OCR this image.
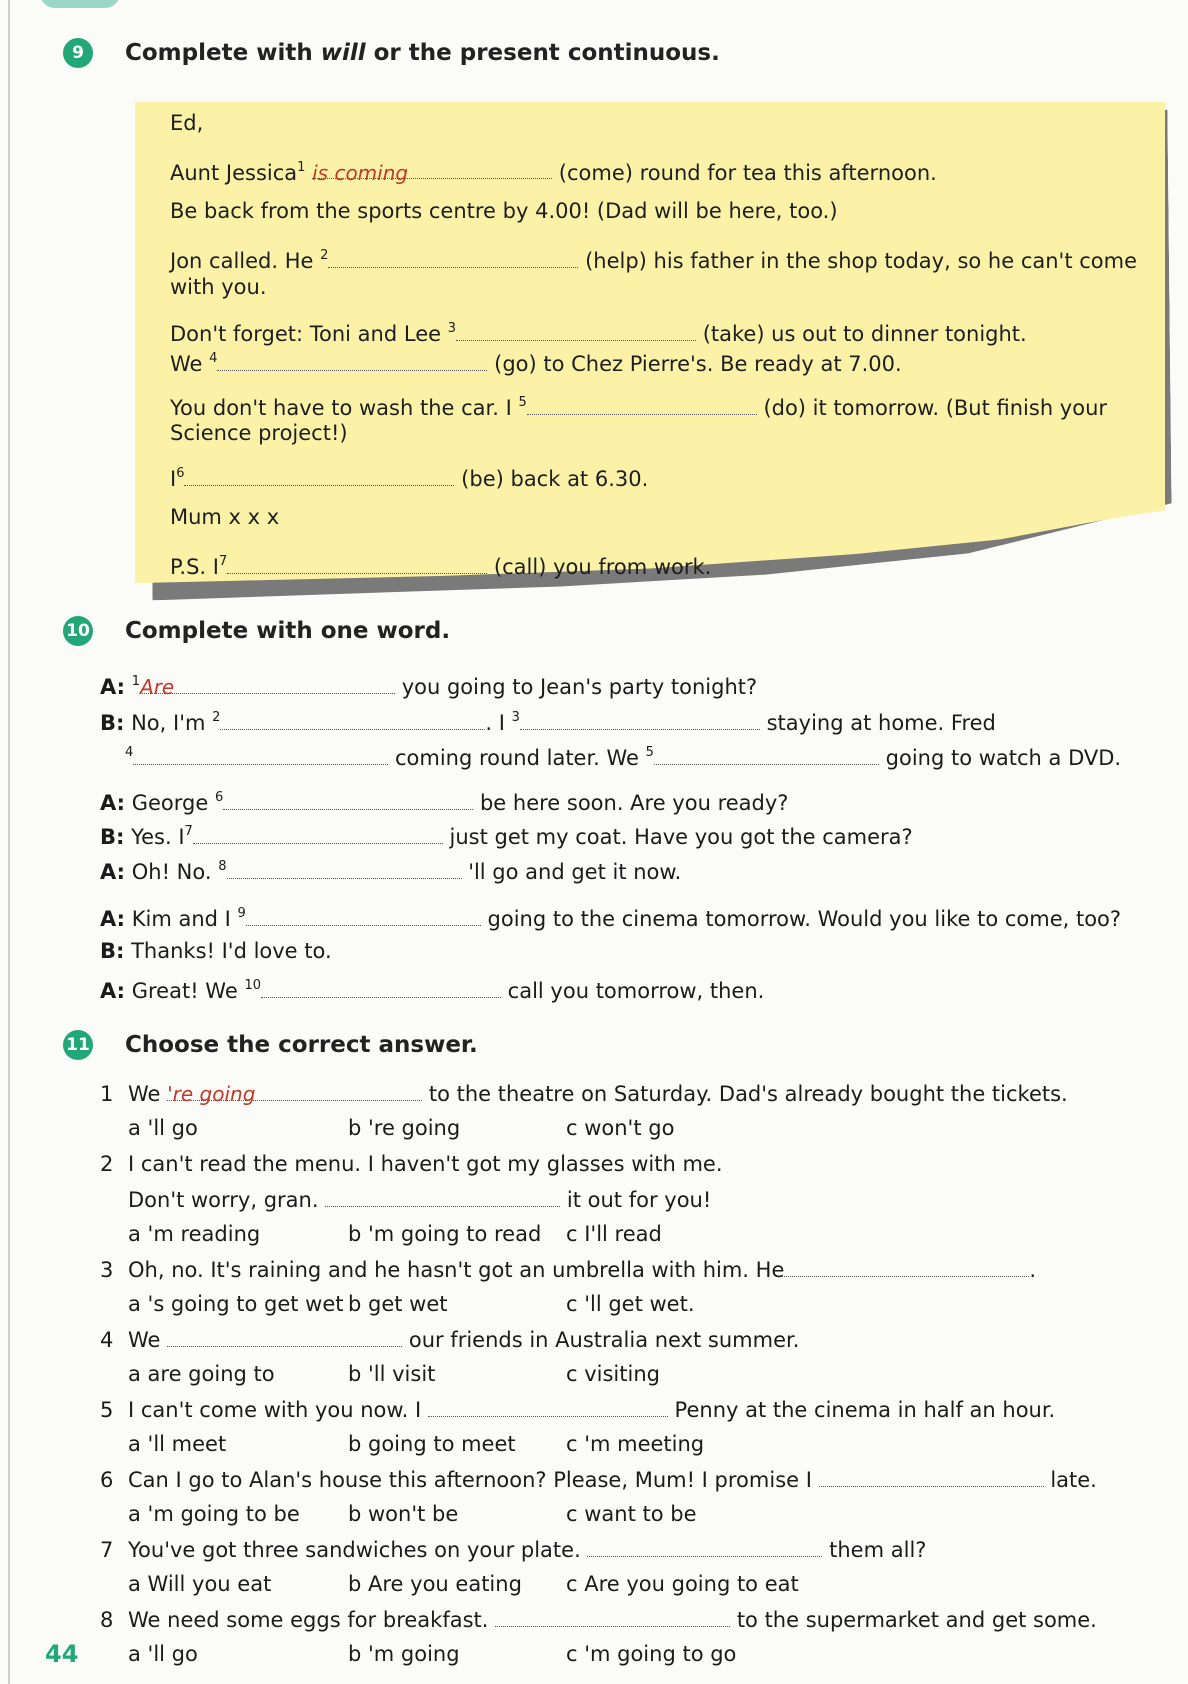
9	Complete with will or the present continuous.
Ed,
Aunt Jessica$^1$ is coming	(come) round for tea this afternoon.
Be back from the sports centre by 4.00! (Dad will be here, too.)
Jon called. He $^2$	(help) his father in the shop today, so he can't come
with you.
Don't forget: Toni and Lee $^3$	(take) us out to dinner tonight.
We $^4$	(go) to Chez Pierre's. Be ready at 7.00.
You don't have to wash the car. I $^5$	(do) it tomorrow. (But finish your
Science project!)
$I^6$	(be) back at 6.30.
Mum x x x
P.S. $I^7$	(call) you from work.
10 Complete with one word.
A: $^1$Are	you going to Jean's party tonight?
B: No, I'm $^2$	. I $^3$	staying at home. Fred
$^4$	coming round later. We $^5$	going to watch a DVD.
A: George $^6$	be here soon. Are you ready?
B: Yes. $I^7$	just get my coat. Have you got the camera?
A: Oh! No. $^8$	'll go and get it now.
A: Kim and I $^9$	going to the cinema tomorrow. Would you like to come, too?
B: Thanks! I'd love to.
A: Great! We $^{10}$	call you tomorrow, then.
11 Choose the correct answer.
1 We 're going	to the theatre on Saturday. Dad's already bought the tickets.
a 'll go	b 're going	c won't go
2 I can't read the menu. I haven't got my glasses with me.
Don't worry, gran.	it out for you!
a 'm reading	b 'm going to read c I'll read
3 Oh, no. It's raining and he hasn't got an umbrella with him. He	.
a 's going to get wet b get wet	c 'll get wet.
4 We	our friends in Australia next summer.
a are going to	b 'll visit	c visiting
5 I can't come with you now. I	Penny at the cinema in half an hour.
a 'll meet	b going to meet c 'm meeting
6 Can I go to Alan's house this afternoon? Please, Mum! I promise I	late.
a 'm going to be b won't be	c want to be
7 You've got three sandwiches on your plate.	them all?
a Will you eat	b Are you eating c Are you going to eat
8 We need some eggs for breakfast.	to the supermarket and get some.
a 'll go	b 'm going	c 'm going to go
44
